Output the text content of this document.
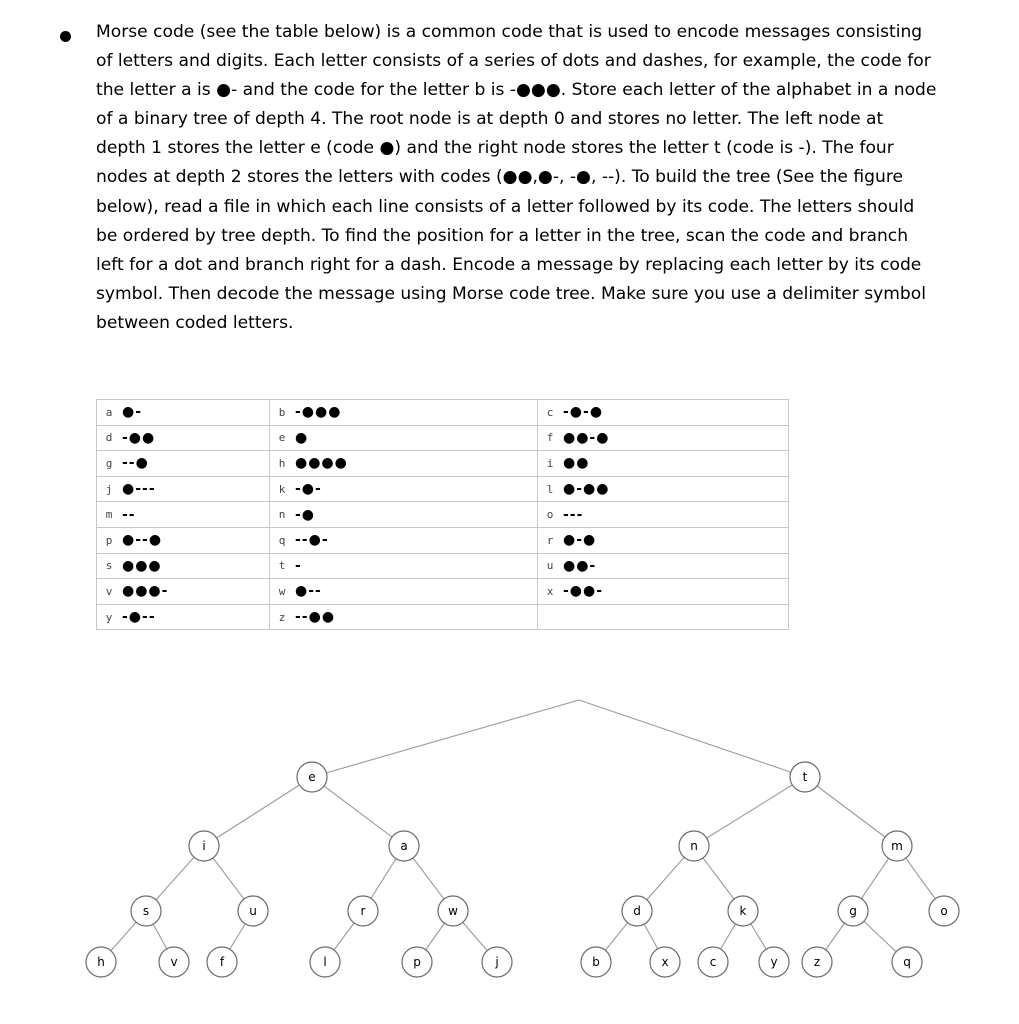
Morse code (see the table below) is a common code that is used to encode messages consisting
of letters and digits. Each letter consists of a series of dots and dashes, for example, the code for
the letter a is ●- and the code for the letter b is -●●●. Store each letter of the alphabet in a node
of a binary tree of depth 4. The root node is at depth 0 and stores no letter. The left node at
depth 1 stores the letter e (code ●) and the right node stores the letter t (code is -). The four
nodes at depth 2 stores the letters with codes (●●,●-, -●, --). To build the tree (See the figure
below), read a file in which each line consists of a letter followed by its code. The letters should
be ordered by tree depth. To find the position for a letter in the tree, scan the code and branch
left for a dot and branch right for a dash. Encode a message by replacing each letter by its code
symbol. Then decode the message using Morse code tree. Make sure you use a delimiter symbol
between coded letters.
a ●-	b -●●●	c -●-●

d -●●	e ●	f ●●-●

g --●	h ●●●●	i ●●

j ●---	k -●-	l ●-●●

m --	n -●	o ---

p ●--●	q --●-	r ●-●

s ●●●	t -	u ●●-

v ●●●-	w ●--	x -●●-

y -●--	z --●●	

e	t
i	a	n	m
s	u	r	w	d	k	g	o
h	v	f	l	p	j	b	x	c	y	z	q
